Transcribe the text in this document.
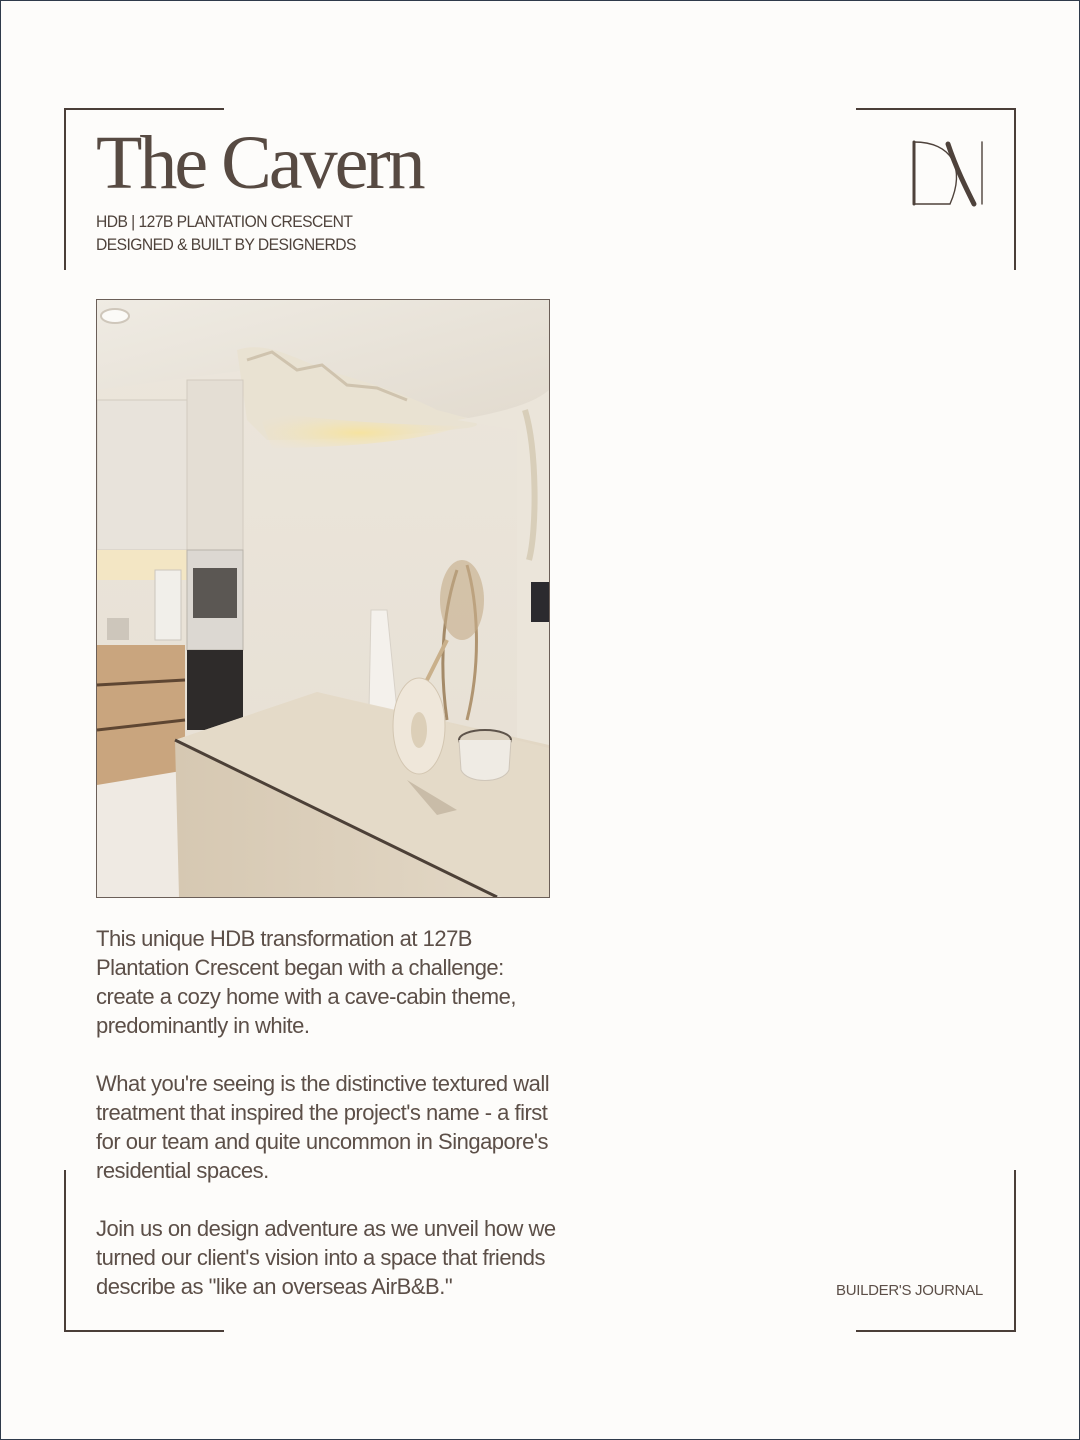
The Cavern
HDB | 127B PLANTATION CRESCENT
DESIGNED & BUILT BY DESIGNERDS

This unique HDB transformation at 127B Plantation Crescent began with a challenge: create a cozy home with a cave-cabin theme, predominantly in white.

What you're seeing is the distinctive textured wall treatment that inspired the project's name - a first for our team and quite uncommon in Singapore's residential spaces.

Join us on design adventure as we unveil how we turned our client's vision into a space that friends describe as "like an overseas AirB&B."	BUILDER'S JOURNAL
